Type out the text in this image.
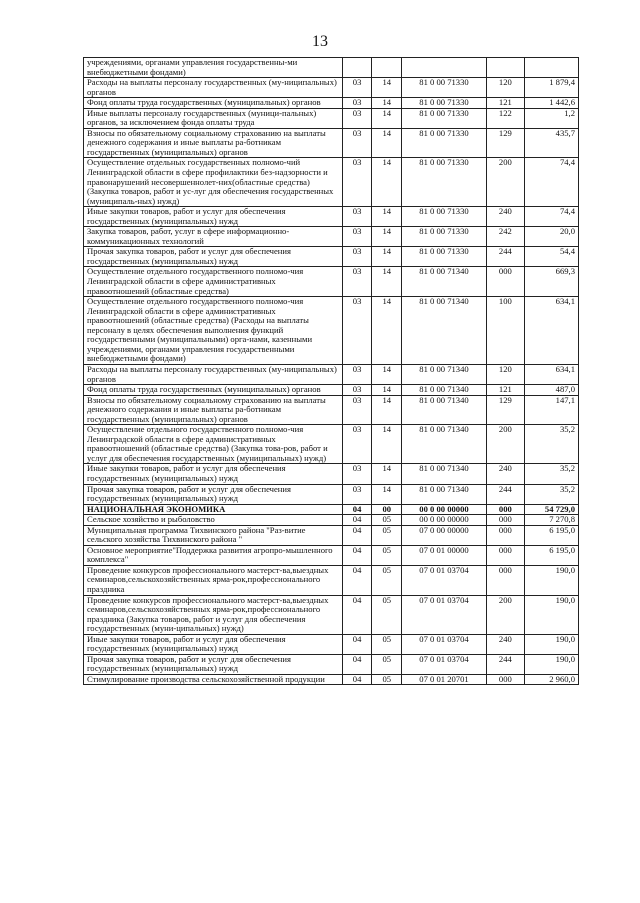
13
учреждениями, органами управления государственны-ми внебюджетными фондами)					
Расходы на выплаты персоналу государственных (му-ниципальных) органов	03	14	81 0 00 71330	120	1 879,4
Фонд оплаты труда государственных (муниципальных) органов	03	14	81 0 00 71330	121	1 442,6
Иные выплаты персоналу государственных (муници-пальных) органов, за исключением фонда оплаты труда	03	14	81 0 00 71330	122	1,2
Взносы по обязательному социальному страхованию на выплаты денежного содержания и иные выплаты ра-ботникам государственных (муниципальных) органов	03	14	81 0 00 71330	129	435,7
Осуществление отдельных государственных полномо-чий Ленинградской области в сфере профилактики без-надзорности и правонарушений несовершеннолет-них(областные средства) (Закупка товаров, работ и ус-луг для обеспечения государственных (муниципаль-ных) нужд)	03	14	81 0 00 71330	200	74,4
Иные закупки товаров, работ и услуг для обеспечения государственных (муниципальных) нужд	03	14	81 0 00 71330	240	74,4
Закупка товаров, работ, услуг в сфере информационно-коммуникационных технологий	03	14	81 0 00 71330	242	20,0
Прочая закупка товаров, работ и услуг для обеспечения государственных (муниципальных) нужд	03	14	81 0 00 71330	244	54,4
Осуществление отдельного государственного полномо-чия Ленинградской области в сфере административных правоотношений (областные средства)	03	14	81 0 00 71340	000	669,3
Осуществление отдельного государственного полномо-чия Ленинградской области в сфере административных правоотношений (областные средства) (Расходы на выплаты персоналу в целях обеспечения выполнения функций государственными (муниципальными) орга-нами, казенными учреждениями, органами управления государственными внебюджетными фондами)	03	14	81 0 00 71340	100	634,1
Расходы на выплаты персоналу государственных (му-ниципальных) органов	03	14	81 0 00 71340	120	634,1
Фонд оплаты труда государственных (муниципальных) органов	03	14	81 0 00 71340	121	487,0
Взносы по обязательному социальному страхованию на выплаты денежного содержания и иные выплаты ра-ботникам государственных (муниципальных) органов	03	14	81 0 00 71340	129	147,1
Осуществление отдельного государственного полномо-чия Ленинградской области в сфере административных правоотношений (областные средства) (Закупка това-ров, работ и услуг для обеспечения государственных (муниципальных) нужд)	03	14	81 0 00 71340	200	35,2
Иные закупки товаров, работ и услуг для обеспечения государственных (муниципальных) нужд	03	14	81 0 00 71340	240	35,2
Прочая закупка товаров, работ и услуг для обеспечения государственных (муниципальных) нужд	03	14	81 0 00 71340	244	35,2
НАЦИОНАЛЬНАЯ ЭКОНОМИКА	04	00	00 0 00 00000	000	54 729,0
Сельское хозяйство и рыболовство	04	05	00 0 00 00000	000	7 270,8
Муниципальная программа Тихвинского района "Раз-витие сельского хозяйства Тихвинского района "	04	05	07 0 00 00000	000	6 195,0
Основное мероприятие"Поддержка развития агропро-мышленного комплекса"	04	05	07 0 01 00000	000	6 195,0
Проведение конкурсов профессионального мастерст-ва,выездных семинаров,сельскохозяйственных ярма-рок,профессионального праздника	04	05	07 0 01 03704	000	190,0
Проведение конкурсов профессионального мастерст-ва,выездных семинаров,сельскохозяйственных ярма-рок,профессионального праздника (Закупка товаров, работ и услуг для обеспечения государственных (муни-ципальных) нужд)	04	05	07 0 01 03704	200	190,0
Иные закупки товаров, работ и услуг для обеспечения государственных (муниципальных) нужд	04	05	07 0 01 03704	240	190,0
Прочая закупка товаров, работ и услуг для обеспечения государственных (муниципальных) нужд	04	05	07 0 01 03704	244	190,0
Стимулирование производства сельскохозяйственной продукции	04	05	07 0 01 20701	000	2 960,0
